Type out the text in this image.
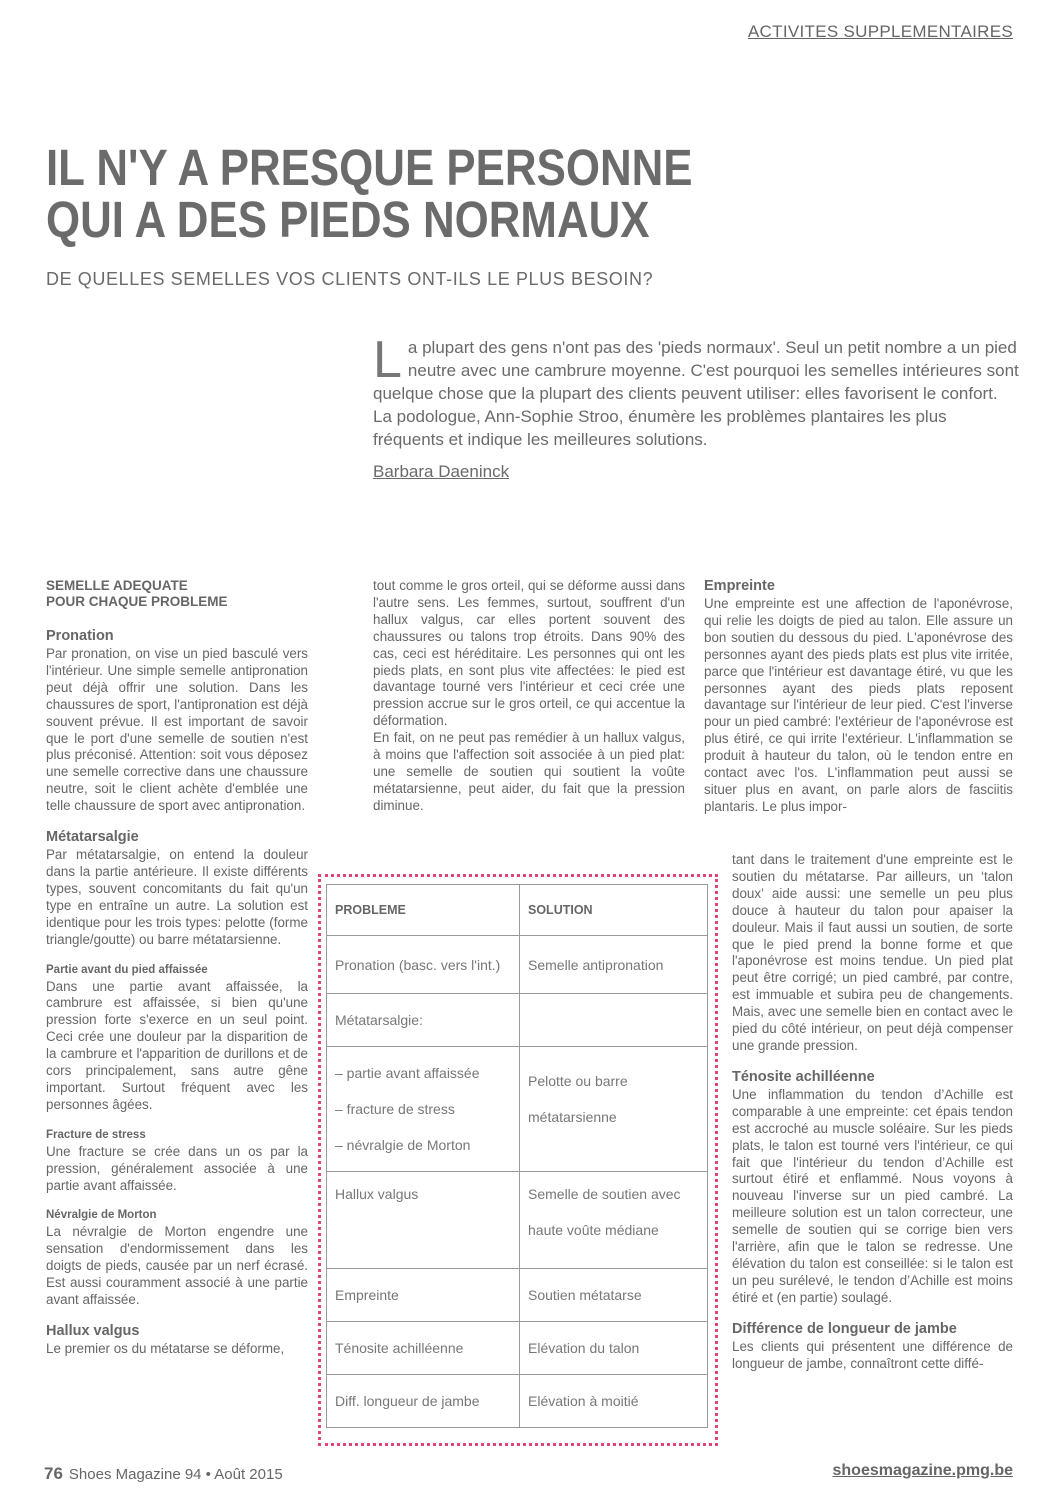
ACTIVITES SUPPLEMENTAIRES
IL N'Y A PRESQUE PERSONNE
QUI A DES PIEDS NORMAUX
DE QUELLES SEMELLES VOS CLIENTS ONT-ILS LE PLUS BESOIN?
La plupart des gens n'ont pas des 'pieds normaux'. Seul un petit nombre a un pied neutre avec une cambrure moyenne. C'est pourquoi les semelles intérieures sont quelque chose que la plupart des clients peuvent utiliser: elles favorisent le confort. La podologue, Ann-Sophie Stroo, énumère les problèmes plantaires les plus fréquents et indique les meilleures solutions.
Barbara Daeninck
SEMELLE ADEQUATE
POUR CHAQUE PROBLEME
Pronation

Par pronation, on vise un pied basculé vers l'intérieur. Une simple semelle antipronation peut déjà offrir une solution. Dans les chaussures de sport, l'antipronation est déjà souvent prévue. Il est important de savoir que le port d'une semelle de soutien n'est plus préconisé. Attention: soit vous déposez une semelle corrective dans une chaussure neutre, soit le client achète d'emblée une telle chaussure de sport avec antipronation.

Métatarsalgie

Par métatarsalgie, on entend la douleur dans la partie antérieure. Il existe différents types, souvent concomitants du fait qu'un type en entraîne un autre. La solution est identique pour les trois types: pelotte (forme triangle/goutte) ou barre métatarsienne.

Partie avant du pied affaissée

Dans une partie avant affaissée, la cambrure est affaissée, si bien qu'une pression forte s'exerce en un seul point. Ceci crée une douleur par la disparition de la cambrure et l'apparition de durillons et de cors principalement, sans autre gêne important. Surtout fréquent avec les personnes âgées.

Fracture de stress

Une fracture se crée dans un os par la pression, généralement associée à une partie avant affaissée.

Névralgie de Morton

La névralgie de Morton engendre une sensation d'endormissement dans les doigts de pieds, causée par un nerf écrasé. Est aussi couramment associé à une partie avant affaissée.

Hallux valgus

Le premier os du métatarse se déforme,

tout comme le gros orteil, qui se déforme aussi dans l'autre sens. Les femmes, surtout, souffrent d'un hallux valgus, car elles portent souvent des chaussures ou talons trop étroits. Dans 90% des cas, ceci est héréditaire. Les personnes qui ont les pieds plats, en sont plus vite affectées: le pied est davantage tourné vers l'intérieur et ceci crée une pression accrue sur le gros orteil, ce qui accentue la déformation.

En fait, on ne peut pas remédier à un hallux valgus, à moins que l'affection soit associée à un pied plat: une semelle de soutien qui soutient la voûte métatarsienne, peut aider, du fait que la pression diminue.

Empreinte

Une empreinte est une affection de l'aponévrose, qui relie les doigts de pied au talon. Elle assure un bon soutien du dessous du pied. L'aponévrose des personnes ayant des pieds plats est plus vite irritée, parce que l'intérieur est davantage étiré, vu que les personnes ayant des pieds plats reposent davantage sur l'intérieur de leur pied. C'est l'inverse pour un pied cambré: l'extérieur de l'aponévrose est plus étiré, ce qui irrite l'extérieur. L'inflammation se produit à hauteur du talon, où le tendon entre en contact avec l'os. L'inflammation peut aussi se situer plus en avant, on parle alors de fasciitis plantaris. Le plus impor-

tant dans le traitement d'une empreinte est le soutien du métatarse. Par ailleurs, un ‘talon doux’ aide aussi: une semelle un peu plus douce à hauteur du talon pour apaiser la douleur. Mais il faut aussi un soutien, de sorte que le pied prend la bonne forme et que l'aponévrose est moins tendue. Un pied plat peut être corrigé; un pied cambré, par contre, est immuable et subira peu de changements. Mais, avec une semelle bien en contact avec le pied du côté intérieur, on peut déjà compenser une grande pression.

Ténosite achilléenne

Une inflammation du tendon d’Achille est comparable à une empreinte: cet épais tendon est accroché au muscle soléaire. Sur les pieds plats, le talon est tourné vers l'intérieur, ce qui fait que l'intérieur du tendon d’Achille est surtout étiré et enflammé. Nous voyons à nouveau l'inverse sur un pied cambré. La meilleure solution est un talon correcteur, une semelle de soutien qui se corrige bien vers l'arrière, afin que le talon se redresse. Une élévation du talon est conseillée: si le talon est un peu surélevé, le tendon d’Achille est moins étiré et (en partie) soulagé.

Différence de longueur de jambe

Les clients qui présentent une différence de longueur de jambe, connaîtront cette diffé-

PROBLEME	SOLUTION
Pronation (basc. vers l'int.)	Semelle antipronation
Métatarsalgie:	
– partie avant affaissée
– fracture de stress
– névralgie de Morton	Pelotte ou barre
métatarsienne
Hallux valgus	Semelle de soutien avec
haute voûte médiane
Empreinte	Soutien métatarse
Ténosite achilléenne	Elévation du talon
Diff. longueur de jambe	Elévation à moitié
76 Shoes Magazine 94 • Août 2015	shoesmagazine.pmg.be
